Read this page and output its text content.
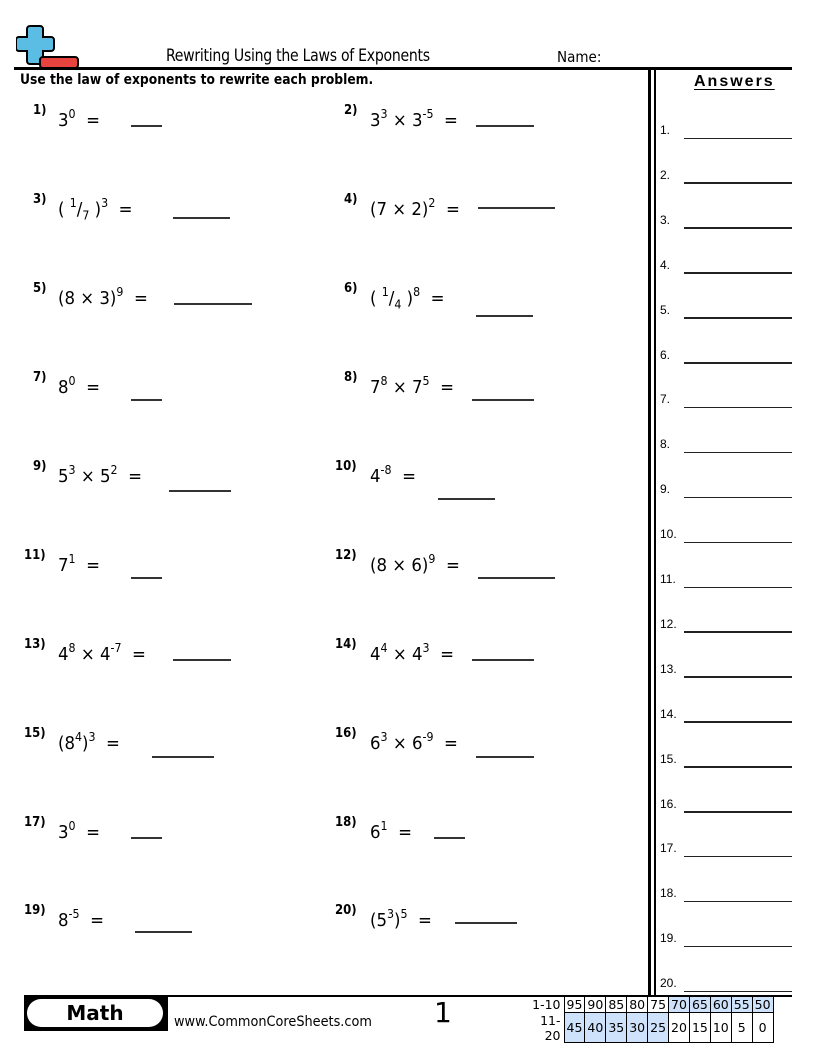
Rewriting Using the Laws of Exponents	Name:
Use the law of exponents to rewrite each problem.
1) $3^0$  =	2) $3^3 \times 3^{-5}$  =
3) ( $^1/_7$ )$^3$  =	4) $(7 \times 2)^2$  =
5) $(8 \times 3)^9$  =	6) ( $^1/_4$ )$^8$  =
7) $8^0$  =	8) $7^8 \times 7^5$  =
9) $5^3 \times 5^2$  =	10) $4^{-8}$  =
11) $7^1$  =	12) $(8 \times 6)^9$  =
13) $4^8 \times 4^{-7}$  =	14) $4^4 \times 4^3$  =
15) $(8^4)^3$  =	16) $6^3 \times 6^{-9}$  =
17) $3^0$  =	18) $6^1$  =
19) $8^{-5}$  =	20) $(5^3)^5$  =
Answers
1.
2.
3.
4.
5.
6.
7.
8.
9.
10.
11.
12.
13.
14.
15.
16.
17.
18.
19.
20.
Math	www.CommonCoreSheets.com 1	1-10	95	90	85	80	75	70	65	60	55	50
11-20	45	40	35	30	25	20	15	10	5	0
